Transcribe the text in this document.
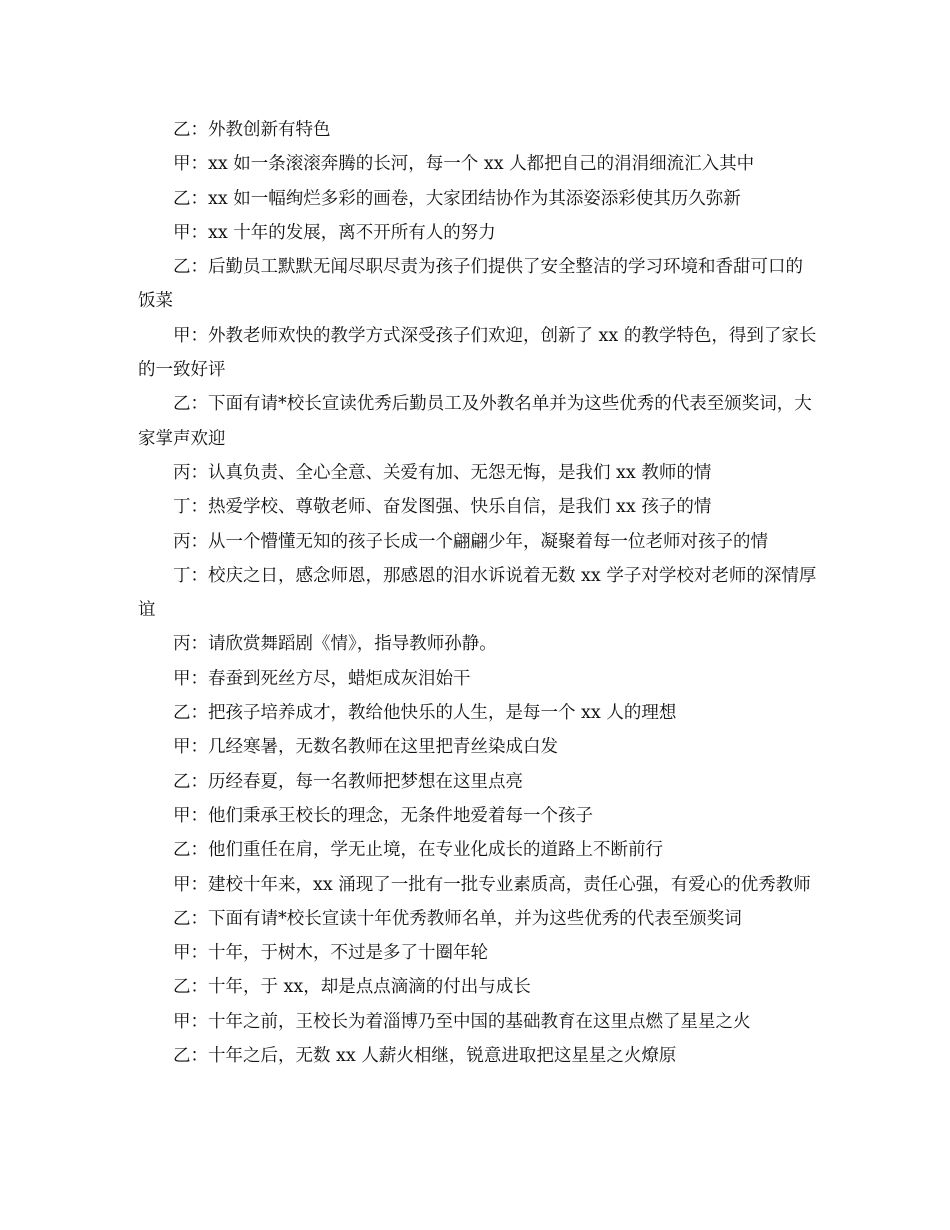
乙：外教创新有特色

甲：xx 如一条滚滚奔腾的长河，每一个 xx 人都把自己的涓涓细流汇入其中

乙：xx 如一幅绚烂多彩的画卷，大家团结协作为其添姿添彩使其历久弥新

甲：xx 十年的发展，离不开所有人的努力

乙：后勤员工默默无闻尽职尽责为孩子们提供了安全整洁的学习环境和香甜可口的饭菜

甲：外教老师欢快的教学方式深受孩子们欢迎，创新了 xx 的教学特色，得到了家长的一致好评

乙：下面有请*校长宣读优秀后勤员工及外教名单并为这些优秀的代表至颁奖词，大家掌声欢迎

丙：认真负责、全心全意、关爱有加、无怨无悔，是我们 xx 教师的情

丁：热爱学校、尊敬老师、奋发图强、快乐自信，是我们 xx 孩子的情

丙：从一个懵懂无知的孩子长成一个翩翩少年，凝聚着每一位老师对孩子的情

丁：校庆之日，感念师恩，那感恩的泪水诉说着无数 xx 学子对学校对老师的深情厚谊

丙：请欣赏舞蹈剧《情》，指导教师孙静。

甲：春蚕到死丝方尽，蜡炬成灰泪始干

乙：把孩子培养成才，教给他快乐的人生，是每一个 xx 人的理想

甲：几经寒暑，无数名教师在这里把青丝染成白发

乙：历经春夏，每一名教师把梦想在这里点亮

甲：他们秉承王校长的理念，无条件地爱着每一个孩子

乙：他们重任在肩，学无止境，在专业化成长的道路上不断前行

甲：建校十年来，xx 涌现了一批有一批专业素质高，责任心强，有爱心的优秀教师

乙：下面有请*校长宣读十年优秀教师名单，并为这些优秀的代表至颁奖词

甲：十年，于树木，不过是多了十圈年轮

乙：十年，于 xx，却是点点滴滴的付出与成长

甲：十年之前，王校长为着淄博乃至中国的基础教育在这里点燃了星星之火

乙：十年之后，无数 xx 人薪火相继，锐意进取把这星星之火燎原
